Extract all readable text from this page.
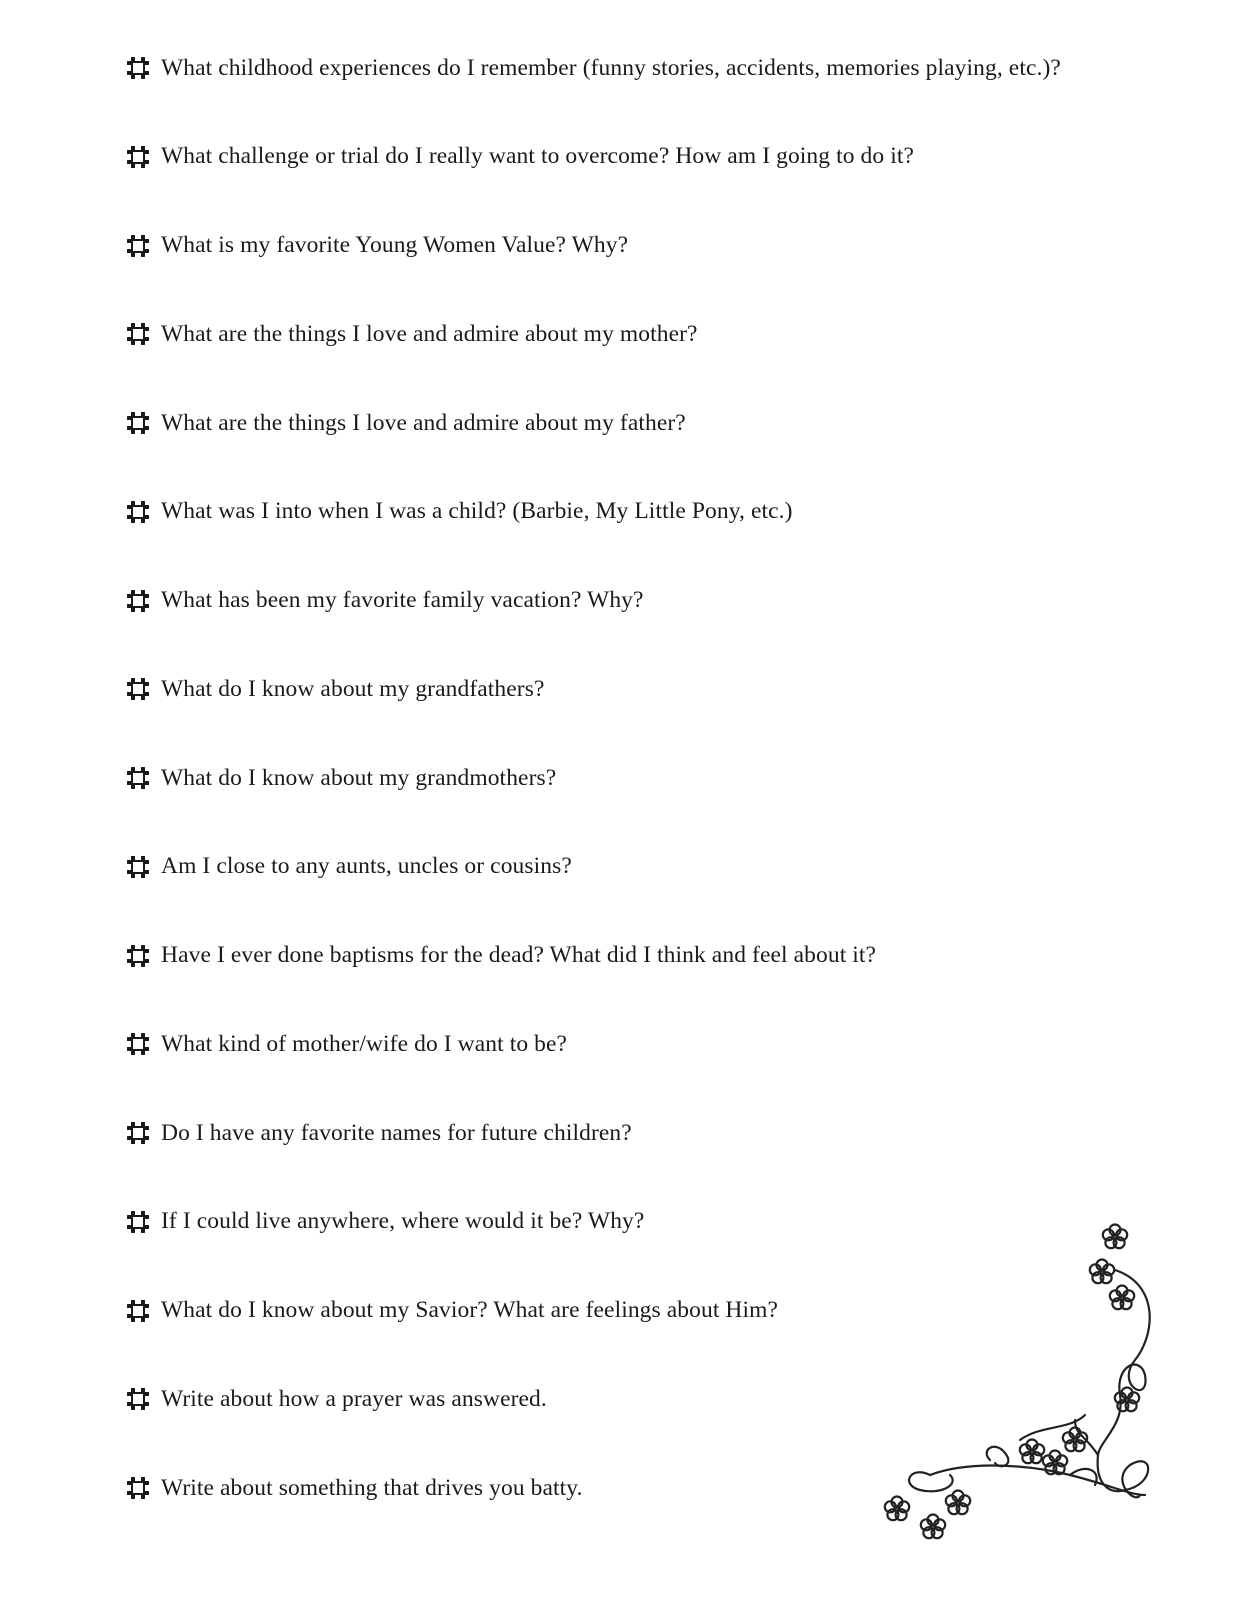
What childhood experiences do I remember (funny stories, accidents, memories playing, etc.)?
What challenge or trial do I really want to overcome? How am I going to do it?
What is my favorite Young Women Value? Why?
What are the things I love and admire about my mother?
What are the things I love and admire about my father?
What was I into when I was a child? (Barbie, My Little Pony, etc.)
What has been my favorite family vacation? Why?
What do I know about my grandfathers?
What do I know about my grandmothers?
Am I close to any aunts, uncles or cousins?
Have I ever done baptisms for the dead? What did I think and feel about it?
What kind of mother/wife do I want to be?
Do I have any favorite names for future children?
If I could live anywhere, where would it be? Why?
What do I know about my Savior? What are feelings about Him?
Write about how a prayer was answered.
Write about something that drives you batty.
